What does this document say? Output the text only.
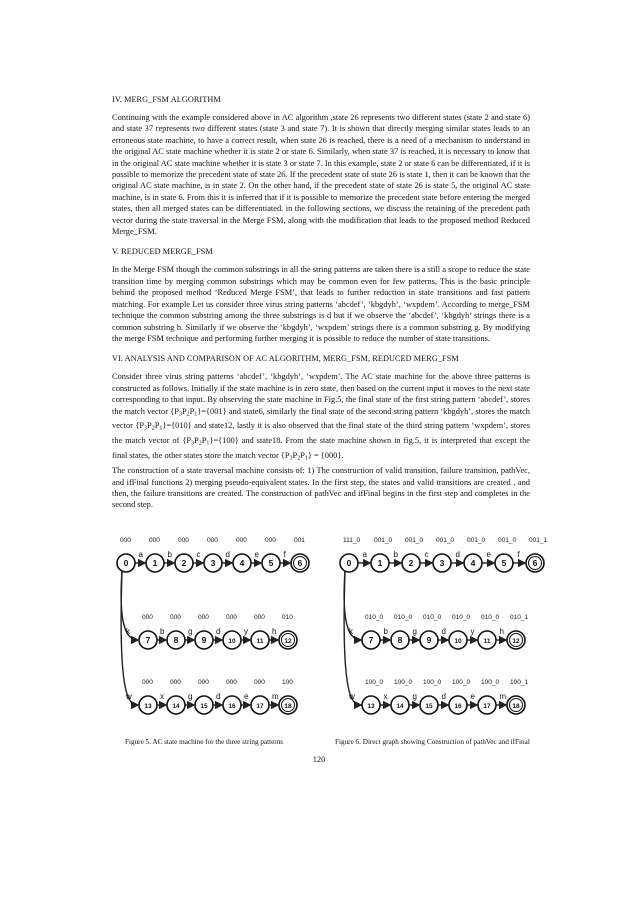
IV. MERG_FSM ALGORITHM

Continuing with the example considered above in AC algorithm ,state 26 represents two different states (state 2 and state 6) and state 37 represents two different states (state 3 and state 7). It is shown that directly merging similar states leads to an erroneous state machine, to have a correct result, when state 26 is reached, there is a need of a mechanism to understand in the original AC state machine whether it is state 2 or state 6. Similarly, when state 37 is reached, it is necessary to know that in the original AC state machine whether it is state 3 or state 7. In this example, state 2 or state 6 can be differentiated, if it is possible to memorize the precedent state of state 26. If the precedent state of state 26 is state 1, then it can be known that the original AC state machine, is in state 2. On the other hand, if the precedent state of state 26 is state 5, the original AC state machine, is in state 6. From this it is inferred that if it is possible to memorize the precedent state before entering the merged states, then all merged states can be differentiated. in the following sections, we discuss the retaining of the precedent path vector during the state traversal in the Merge FSM, along with the modification that leads to the proposed method Reduced Merge_FSM.

V. REDUCED MERGE_FSM

In the Merge FSM though the common substrings in all the string patterns are taken there is a still a scope to reduce the state transition time by merging common substrings which may be common even for few patterns, This is the basic principle behind the proposed method ‘Reduced Merge FSM’, that leads to further reduction in state transitions and fast pattern matching. For example Let us consider three virus string patterns ‘abcdef’, ‘kbgdyh’, ‘wxpdem’. According to merge_FSM technique the common substring among the three substrings is d but if we observe the ‘abcdef’, ‘kbgdyh’ strings there is a common substring b. Similarly if we observe the ‘kbgdyh’, ‘wxpdem’ strings there is a common substring g. By modifying the merge FSM technique and performing further merging it is possible to reduce the number of state transitions.

VI. ANALYSIS AND COMPARISON OF AC ALGORITHM, MERG_FSM, REDUCED MERG_FSM

Consider three virus string patterns ‘abcdef’, ‘kbgdyh’, ‘wxpdem’. The AC state machine for the above three patterns is constructed as follows. Initially if the state machine is in zero state, then based on the current input it moves to the next state corresponding to that input. By observing the state machine in Fig.5, the final state of the first string pattern ‘abcdef’, stores the match vector $\{P_3P_2P_1\}=\{001\}$ and state6, similarly the final state of the second string pattern ‘kbgdyh’, stores the match vector $\{P_3P_2P_1\}=\{010\}$ and state12, lastly it is also observed that the final state of the third string pattern ‘wxpdem’, stores the match vector of $\{P_3P_2P_1\}=\{100\}$ and state18. From the state machine shown in fig.5, it is interpreted that except the final states, the other states store the match vector $\{P_3P_2P_1\} = \{000\}$.

The construction of a state traversal machine consists of: 1) The construction of valid transition, failure transition, pathVec, and ifFinal functions 2) merging pseudo-equivalent states. In the first step, the states and valid transitions are created , and then, the failure transitions are created. The construction of pathVec and ifFinal begins in the first step and completes in the second step.

000
a
0
000
b
1
000
c
2
000
d
3
000
e
4
000
f
5
001
6
000
b
7
000
g
8
000
d
9
000
y
10
000
h
11
010
12
000
x
13
000
g
14
000
d
15
000
e
16
000
m
17
100
18
k
w
111_0
a
0
001_0
b
1
001_0
c
2
001_0
d
3
001_0
e
4
001_0
f
5
001_1
6
010_0
b
7
010_0
g
8
010_0
d
9
010_0
y
10
010_0
h
11
010_1
12
100_0
x
13
100_0
g
14
100_0
d
15
100_0
e
16
100_0
m
17
100_1
18
k
w
Figure 5. AC state machine for the three string patterns	Figure 6. Direct graph showing Construction of pathVec and ifFinal
120
